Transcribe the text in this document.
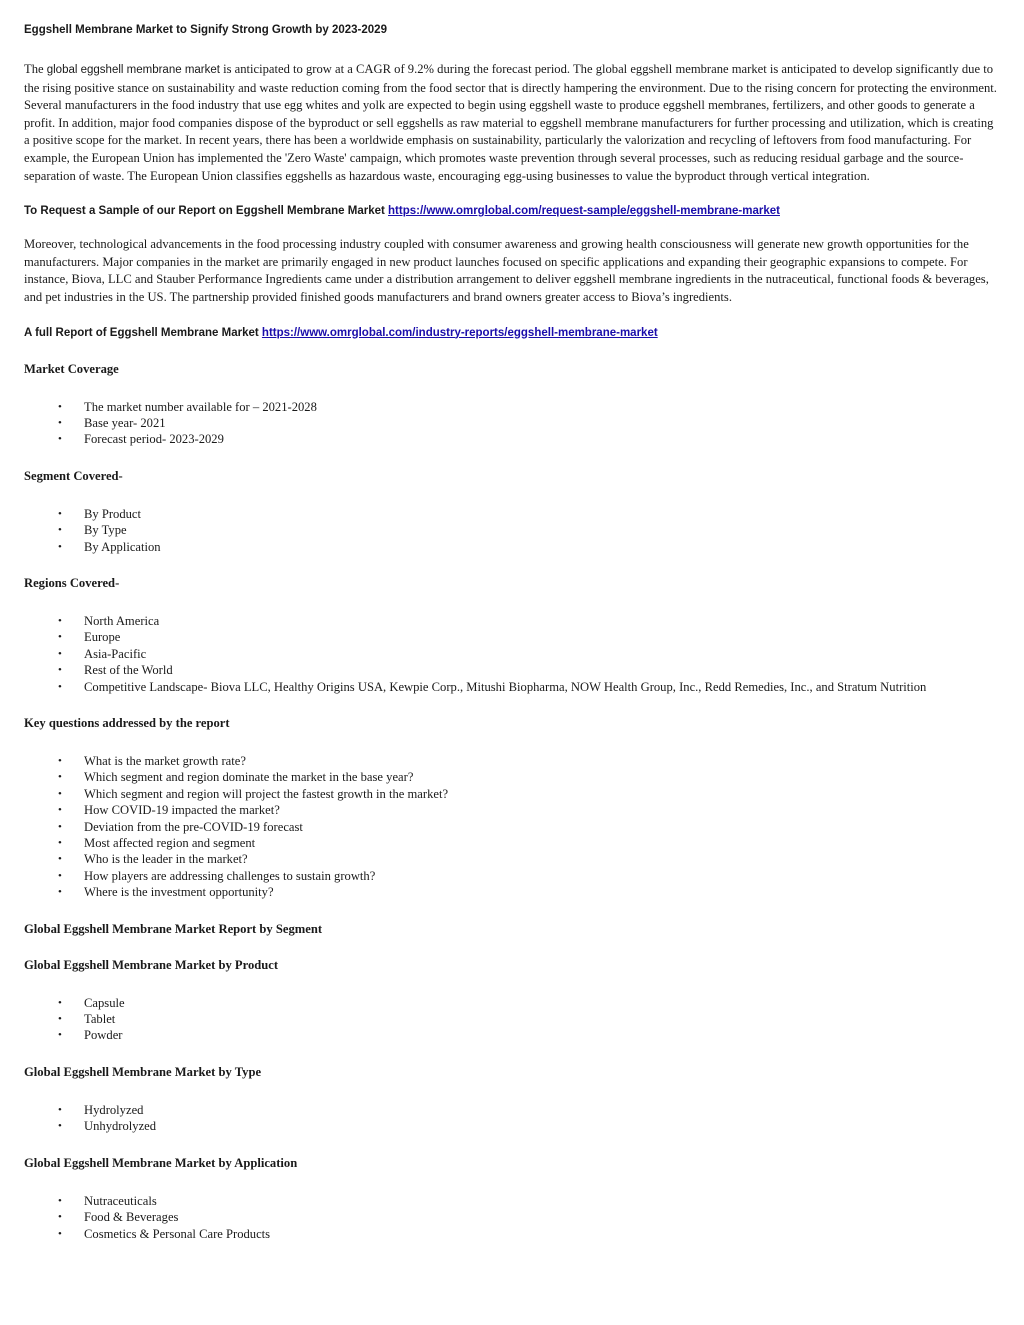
Eggshell Membrane Market to Signify Strong Growth by 2023-2029

The global eggshell membrane market is anticipated to grow at a CAGR of 9.2% during the forecast period. The global eggshell membrane market is anticipated to develop significantly due to the rising positive stance on sustainability and waste reduction coming from the food sector that is directly hampering the environment. Due to the rising concern for protecting the environment. Several manufacturers in the food industry that use egg whites and yolk are expected to begin using eggshell waste to produce eggshell membranes, fertilizers, and other goods to generate a profit. In addition, major food companies dispose of the byproduct or sell eggshells as raw material to eggshell membrane manufacturers for further processing and utilization, which is creating a positive scope for the market. In recent years, there has been a worldwide emphasis on sustainability, particularly the valorization and recycling of leftovers from food manufacturing. For example, the European Union has implemented the 'Zero Waste' campaign, which promotes waste prevention through several processes, such as reducing residual garbage and the source-separation of waste. The European Union classifies eggshells as hazardous waste, encouraging egg-using businesses to value the byproduct through vertical integration.

To Request a Sample of our Report on Eggshell Membrane Market https://www.omrglobal.com/request-sample/eggshell-membrane-market

Moreover, technological advancements in the food processing industry coupled with consumer awareness and growing health consciousness will generate new growth opportunities for the manufacturers. Major companies in the market are primarily engaged in new product launches focused on specific applications and expanding their geographic expansions to compete. For instance, Biova, LLC and Stauber Performance Ingredients came under a distribution arrangement to deliver eggshell membrane ingredients in the nutraceutical, functional foods & beverages, and pet industries in the US. The partnership provided finished goods manufacturers and brand owners greater access to Biova’s ingredients.

A full Report of Eggshell Membrane Market https://www.omrglobal.com/industry-reports/eggshell-membrane-market

Market Coverage
• The market number available for – 2021-2028
• Base year- 2021
• Forecast period- 2023-2029
Segment Covered-
• By Product
• By Type
• By Application
Regions Covered-
• North America
• Europe
• Asia-Pacific
• Rest of the World
• Competitive Landscape- Biova LLC, Healthy Origins USA, Kewpie Corp., Mitushi Biopharma, NOW Health Group, Inc., Redd Remedies, Inc., and Stratum Nutrition
Key questions addressed by the report
• What is the market growth rate?
• Which segment and region dominate the market in the base year?
• Which segment and region will project the fastest growth in the market?
• How COVID-19 impacted the market?
• Deviation from the pre-COVID-19 forecast
• Most affected region and segment
• Who is the leader in the market?
• How players are addressing challenges to sustain growth?
• Where is the investment opportunity?
Global Eggshell Membrane Market Report by Segment
Global Eggshell Membrane Market by Product
• Capsule
• Tablet
• Powder
Global Eggshell Membrane Market by Type
• Hydrolyzed
• Unhydrolyzed
Global Eggshell Membrane Market by Application
• Nutraceuticals
• Food & Beverages
• Cosmetics & Personal Care Products
